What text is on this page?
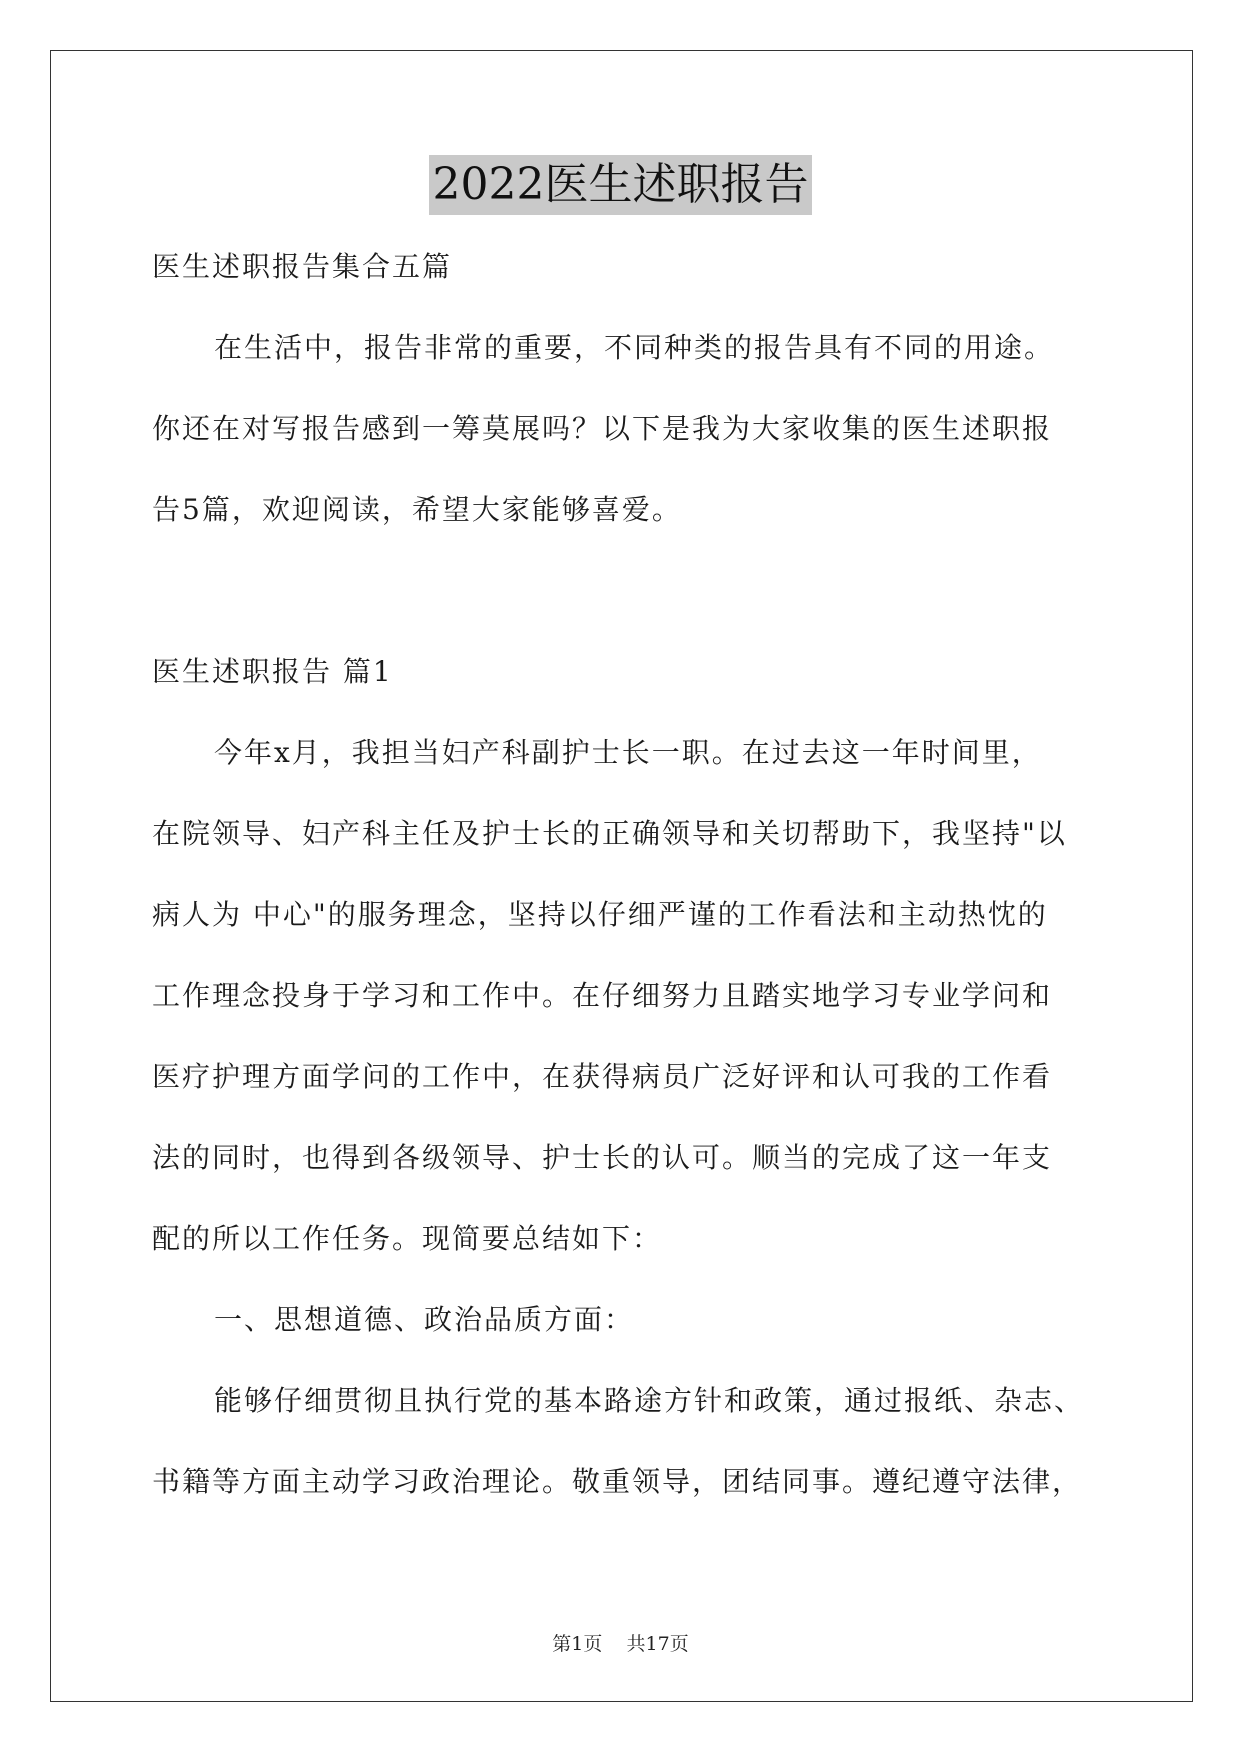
2022医生述职报告
医生述职报告集合五篇
在生活中，报告非常的重要，不同种类的报告具有不同的用途。
你还在对写报告感到一筹莫展吗？以下是我为大家收集的医生述职报
告5篇，欢迎阅读，希望大家能够喜爱。
医生述职报告 篇1
今年x月，我担当妇产科副护士长一职。在过去这一年时间里，
在院领导、妇产科主任及护士长的正确领导和关切帮助下，我坚持"以
病人为 中心"的服务理念，坚持以仔细严谨的工作看法和主动热忱的
工作理念投身于学习和工作中。在仔细努力且踏实地学习专业学问和
医疗护理方面学问的工作中，在获得病员广泛好评和认可我的工作看
法的同时，也得到各级领导、护士长的认可。顺当的完成了这一年支
配的所以工作任务。现简要总结如下：
一、思想道德、政治品质方面：
能够仔细贯彻且执行党的基本路途方针和政策，通过报纸、杂志、
书籍等方面主动学习政治理论。敬重领导，团结同事。遵纪遵守法律，
第1页    共17页
